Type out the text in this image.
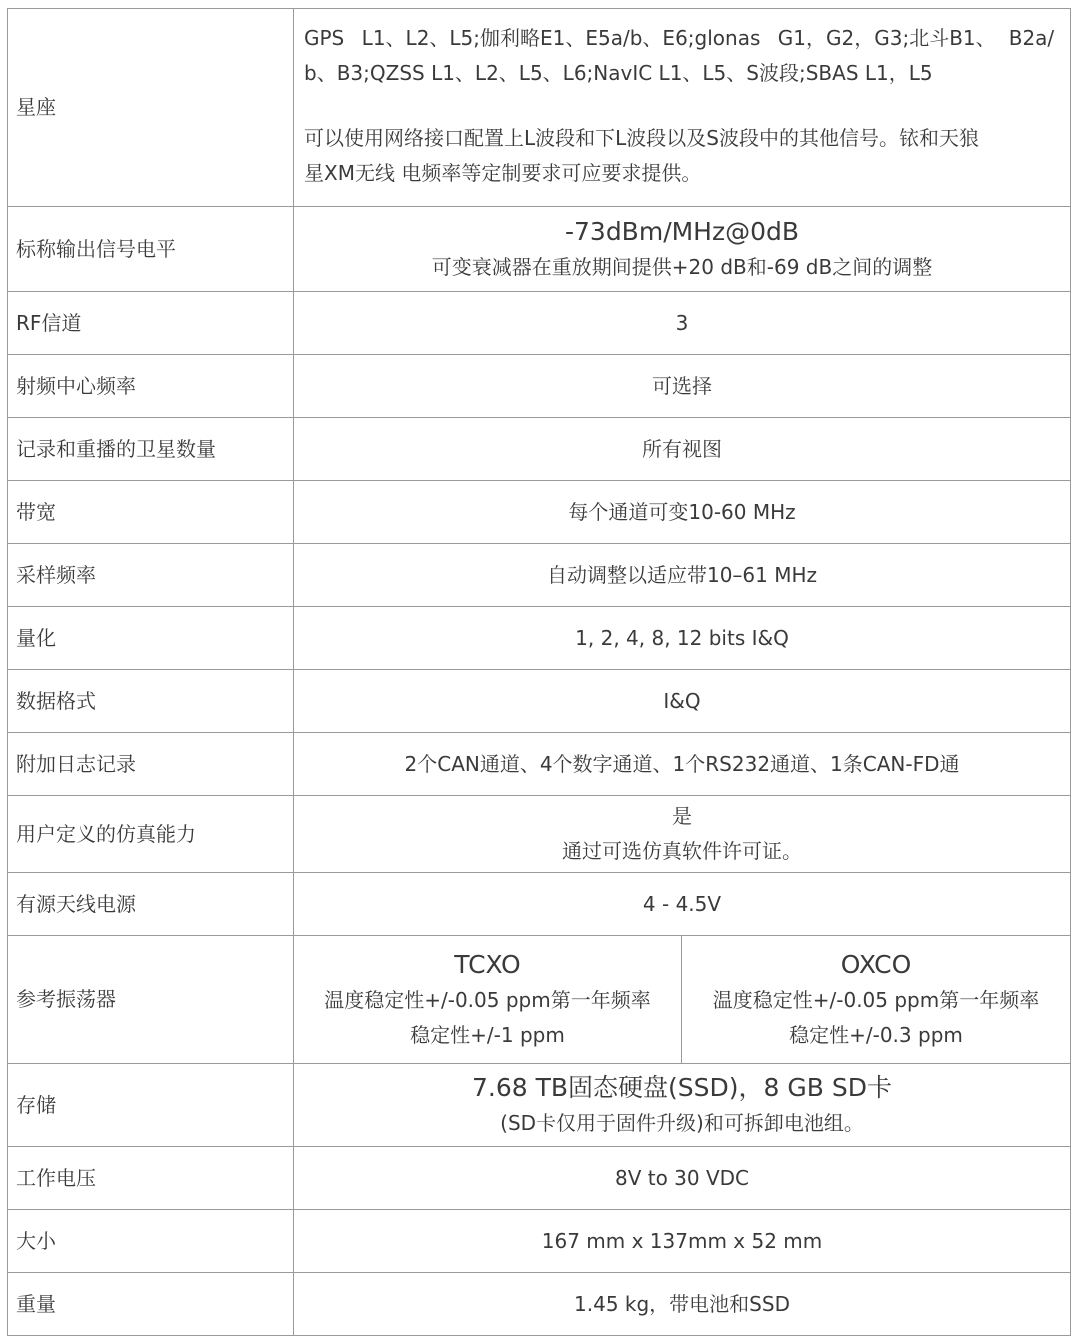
星座	GPS    L1、L2、L5;伽利略E1、E5a/b、E6;glonas    G1，G2，G3;北斗B1、   B2a/
b、B3;QZSS L1、L2、L5、L6;NavIC L1、L5、S波段;SBAS L1，L5
可以使用网络接口配置上L波段和下L波段以及S波段中的其他信号。铱和天狼
星XM无线 电频率等定制要求可应要求提供。	

标称输出信号电平	-73dBm/MHz@0dB
可变衰减器在重放期间提供+20 dB和-69 dB之间的调整	

RF信道	3	
射频中心频率	可选择	
记录和重播的卫星数量	所有视图	
带宽	每个通道可变10-60 MHz	
采样频率	自动调整以适应带10–61 MHz	
量化	1, 2, 4, 8, 12 bits I&Q	
数据格式	I&Q	
附加日志记录	2个CAN通道、4个数字通道、1个RS232通道、1条CAN-FD通	
用户定义的仿真能力	是
通过可选仿真软件许可证。	

有源天线电源	4 - 4.5V	
参考振荡器	TCXO
温度稳定性+/-0.05 ppm第一年频率
稳定性+/-1 ppm	OXCO
温度稳定性+/-0.05 ppm第一年频率
稳定性+/-0.3 ppm

存储	7.68 TB固态硬盘(SSD)，8 GB SD卡
(SD卡仅用于固件升级)和可拆卸电池组。	

工作电压	8V to 30 VDC	
大小	167 mm x 137mm x 52 mm	
重量	1.45 kg，带电池和SSD	
